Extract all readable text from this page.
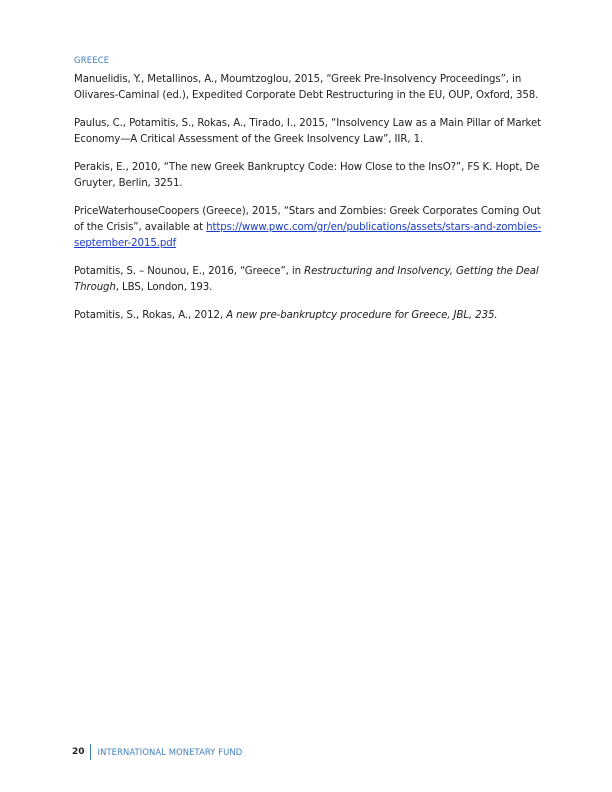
GREECE

Manuelidis, Y., Metallinos, A., Moumtzoglou, 2015, “Greek Pre-Insolvency Proceedings”, in Olivares-Caminal (ed.), Expedited Corporate Debt Restructuring in the EU, OUP, Oxford, 358.

Paulus, C., Potamitis, S., Rokas, A., Tirado, I., 2015, “Insolvency Law as a Main Pillar of Market Economy—A Critical Assessment of the Greek Insolvency Law”, IIR, 1.

Perakis, E., 2010, “The new Greek Bankruptcy Code: How Close to the InsO?”, FS K. Hopt, De Gruyter, Berlin, 3251.

PriceWaterhouseCoopers (Greece), 2015, “Stars and Zombies: Greek Corporates Coming Out of the Crisis”, available at https://www.pwc.com/gr/en/publications/assets/stars-and-zombies-september-2015.pdf

Potamitis, S. – Nounou, E., 2016, “Greece”, in Restructuring and Insolvency, Getting the Deal Through, LBS, London, 193.

Potamitis, S., Rokas, A., 2012, A new pre-bankruptcy procedure for Greece, JBL, 235.

20	INTERNATIONAL MONETARY FUND
